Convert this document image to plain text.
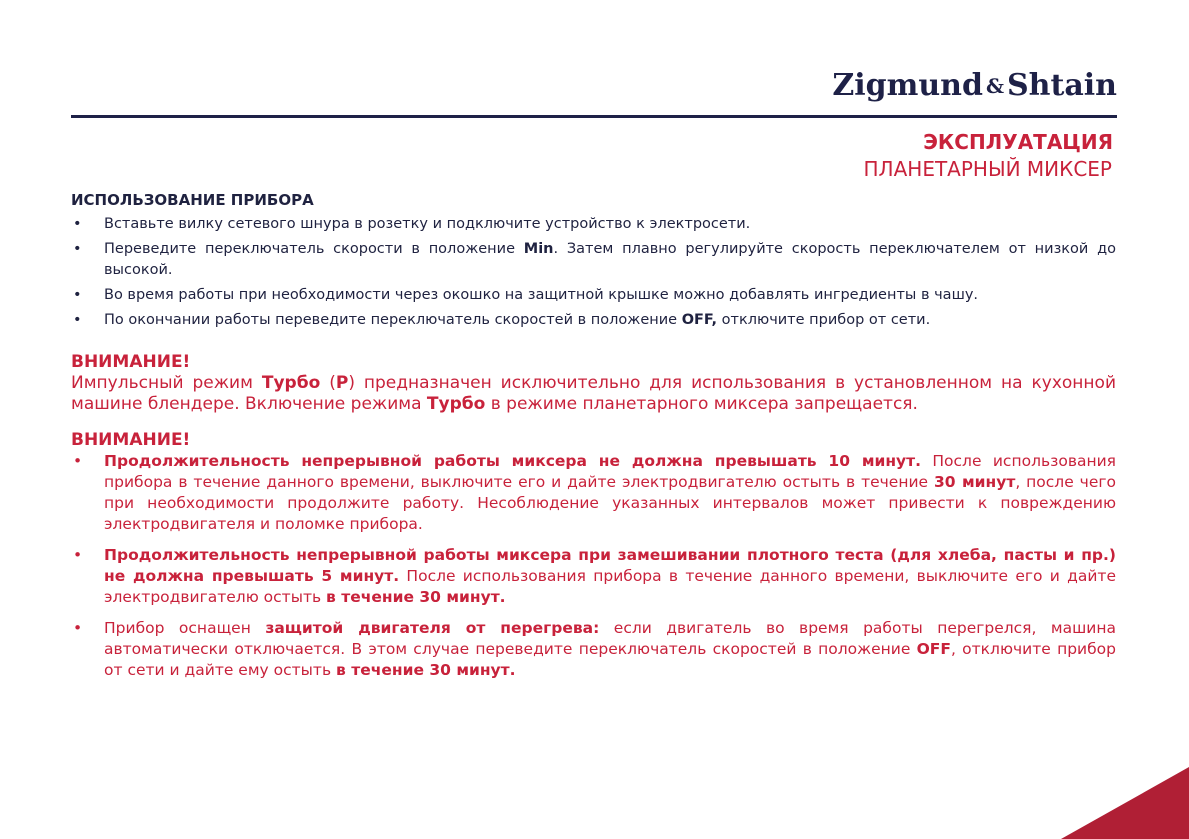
Zigmund & Shtain
ЭКСПЛУАТАЦИЯ
ПЛАНЕТАРНЫЙ МИКСЕР
ИСПОЛЬЗОВАНИЕ ПРИБОРА
• Вставьте вилку сетевого шнура в розетку и подключите устройство к электросети.
• Переведите переключатель скорости в положение Min. Затем плавно регулируйте скорость переключателем от низкой до высокой.
• Во время работы при необходимости через окошко на защитной крышке можно добавлять ингредиенты в чашу.
• По окончании работы переведите переключатель скоростей в положение OFF, отключите прибор от сети.
ВНИМАНИЕ!

Импульсный режим Турбо (P) предназначен исключительно для использования в установленном на кухонной машине блендере. Включение режима Турбо в режиме планетарного миксера запрещается.

ВНИМАНИЕ!
• Продолжительность непрерывной работы миксера не должна превышать 10 минут. После использования прибора в течение данного времени, выключите его и дайте электродвигателю остыть в течение 30 минут, после чего при необходимости продолжите работу. Несоблюдение указанных интервалов может привести к повреждению электродвигателя и поломке прибора.
• Продолжительность непрерывной работы миксера при замешивании плотного теста (для хлеба, пасты и пр.) не должна превышать 5 минут. После использования прибора в течение данного времени, выключите его и дайте электродвигателю остыть в течение 30 минут.
• Прибор оснащен защитой двигателя от перегрева: если двигатель во время работы перегрелся, машина автоматически отключается. В этом случае переведите переключатель скоростей в положение OFF, отключите прибор от сети и дайте ему остыть в течение 30 минут.
